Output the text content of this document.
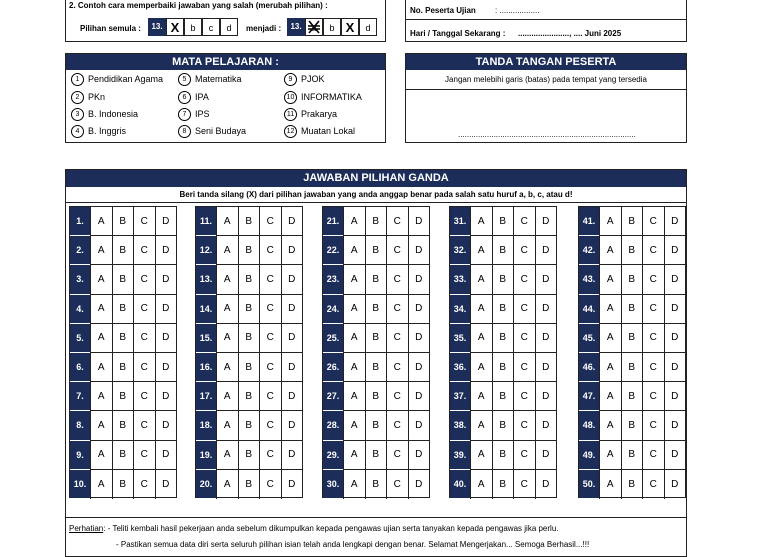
2. Contoh cara memperbaiki jawaban yang salah (merubah pilihan) :
Pilihan semula :	13. X b c d	menjadi :	13.	b X d
No. Peserta Ujian : ..................
Hari / Tanggal Sekarang : ......................., .... Juni 2025
MATA PELAJARAN :
1 Pendidikan Agama
2 PKn
3 B. Indonesia
4 B. Inggris
5 Matematika
6 IPA
7 IPS
8 Seni Budaya
9 PJOK
10 INFORMATIKA
11 Prakarya
12 Muatan Lokal
TANDA TANGAN PESERTA
Jangan melebihi garis (batas) pada tempat yang tersedia
................................................................................
JAWABAN PILIHAN GANDA
Beri tanda silang (X) dari pilihan jawaban yang anda anggap benar pada salah satu huruf a, b, c, atau d!
1.	A	B	C	D
2.	A	B	C	D
3.	A	B	C	D
4.	A	B	C	D
5.	A	B	C	D
6.	A	B	C	D
7.	A	B	C	D
8.	A	B	C	D
9.	A	B	C	D
10.	A	B	C	D
11.	A	B	C	D
12.	A	B	C	D
13.	A	B	C	D
14.	A	B	C	D
15.	A	B	C	D
16.	A	B	C	D
17.	A	B	C	D
18.	A	B	C	D
19.	A	B	C	D
20.	A	B	C	D
21.	A	B	C	D
22.	A	B	C	D
23.	A	B	C	D
24.	A	B	C	D
25.	A	B	C	D
26.	A	B	C	D
27.	A	B	C	D
28.	A	B	C	D
29.	A	B	C	D
30.	A	B	C	D
31.	A	B	C	D
32.	A	B	C	D
33.	A	B	C	D
34.	A	B	C	D
35.	A	B	C	D
36.	A	B	C	D
37.	A	B	C	D
38.	A	B	C	D
39.	A	B	C	D
40.	A	B	C	D
41.	A	B	C	D
42.	A	B	C	D
43.	A	B	C	D
44.	A	B	C	D
45.	A	B	C	D
46.	A	B	C	D
47.	A	B	C	D
48.	A	B	C	D
49.	A	B	C	D
50.	A	B	C	D
Perhatian: - Teliti kembali hasil pekerjaan anda sebelum dikumpulkan kepada pengawas ujian serta tanyakan kepada pengawas jika perlu.
- Pastikan semua data diri serta seluruh pilihan isian telah anda lengkapi dengan benar. Selamat Mengerjakan... Semoga Berhasil...!!!
